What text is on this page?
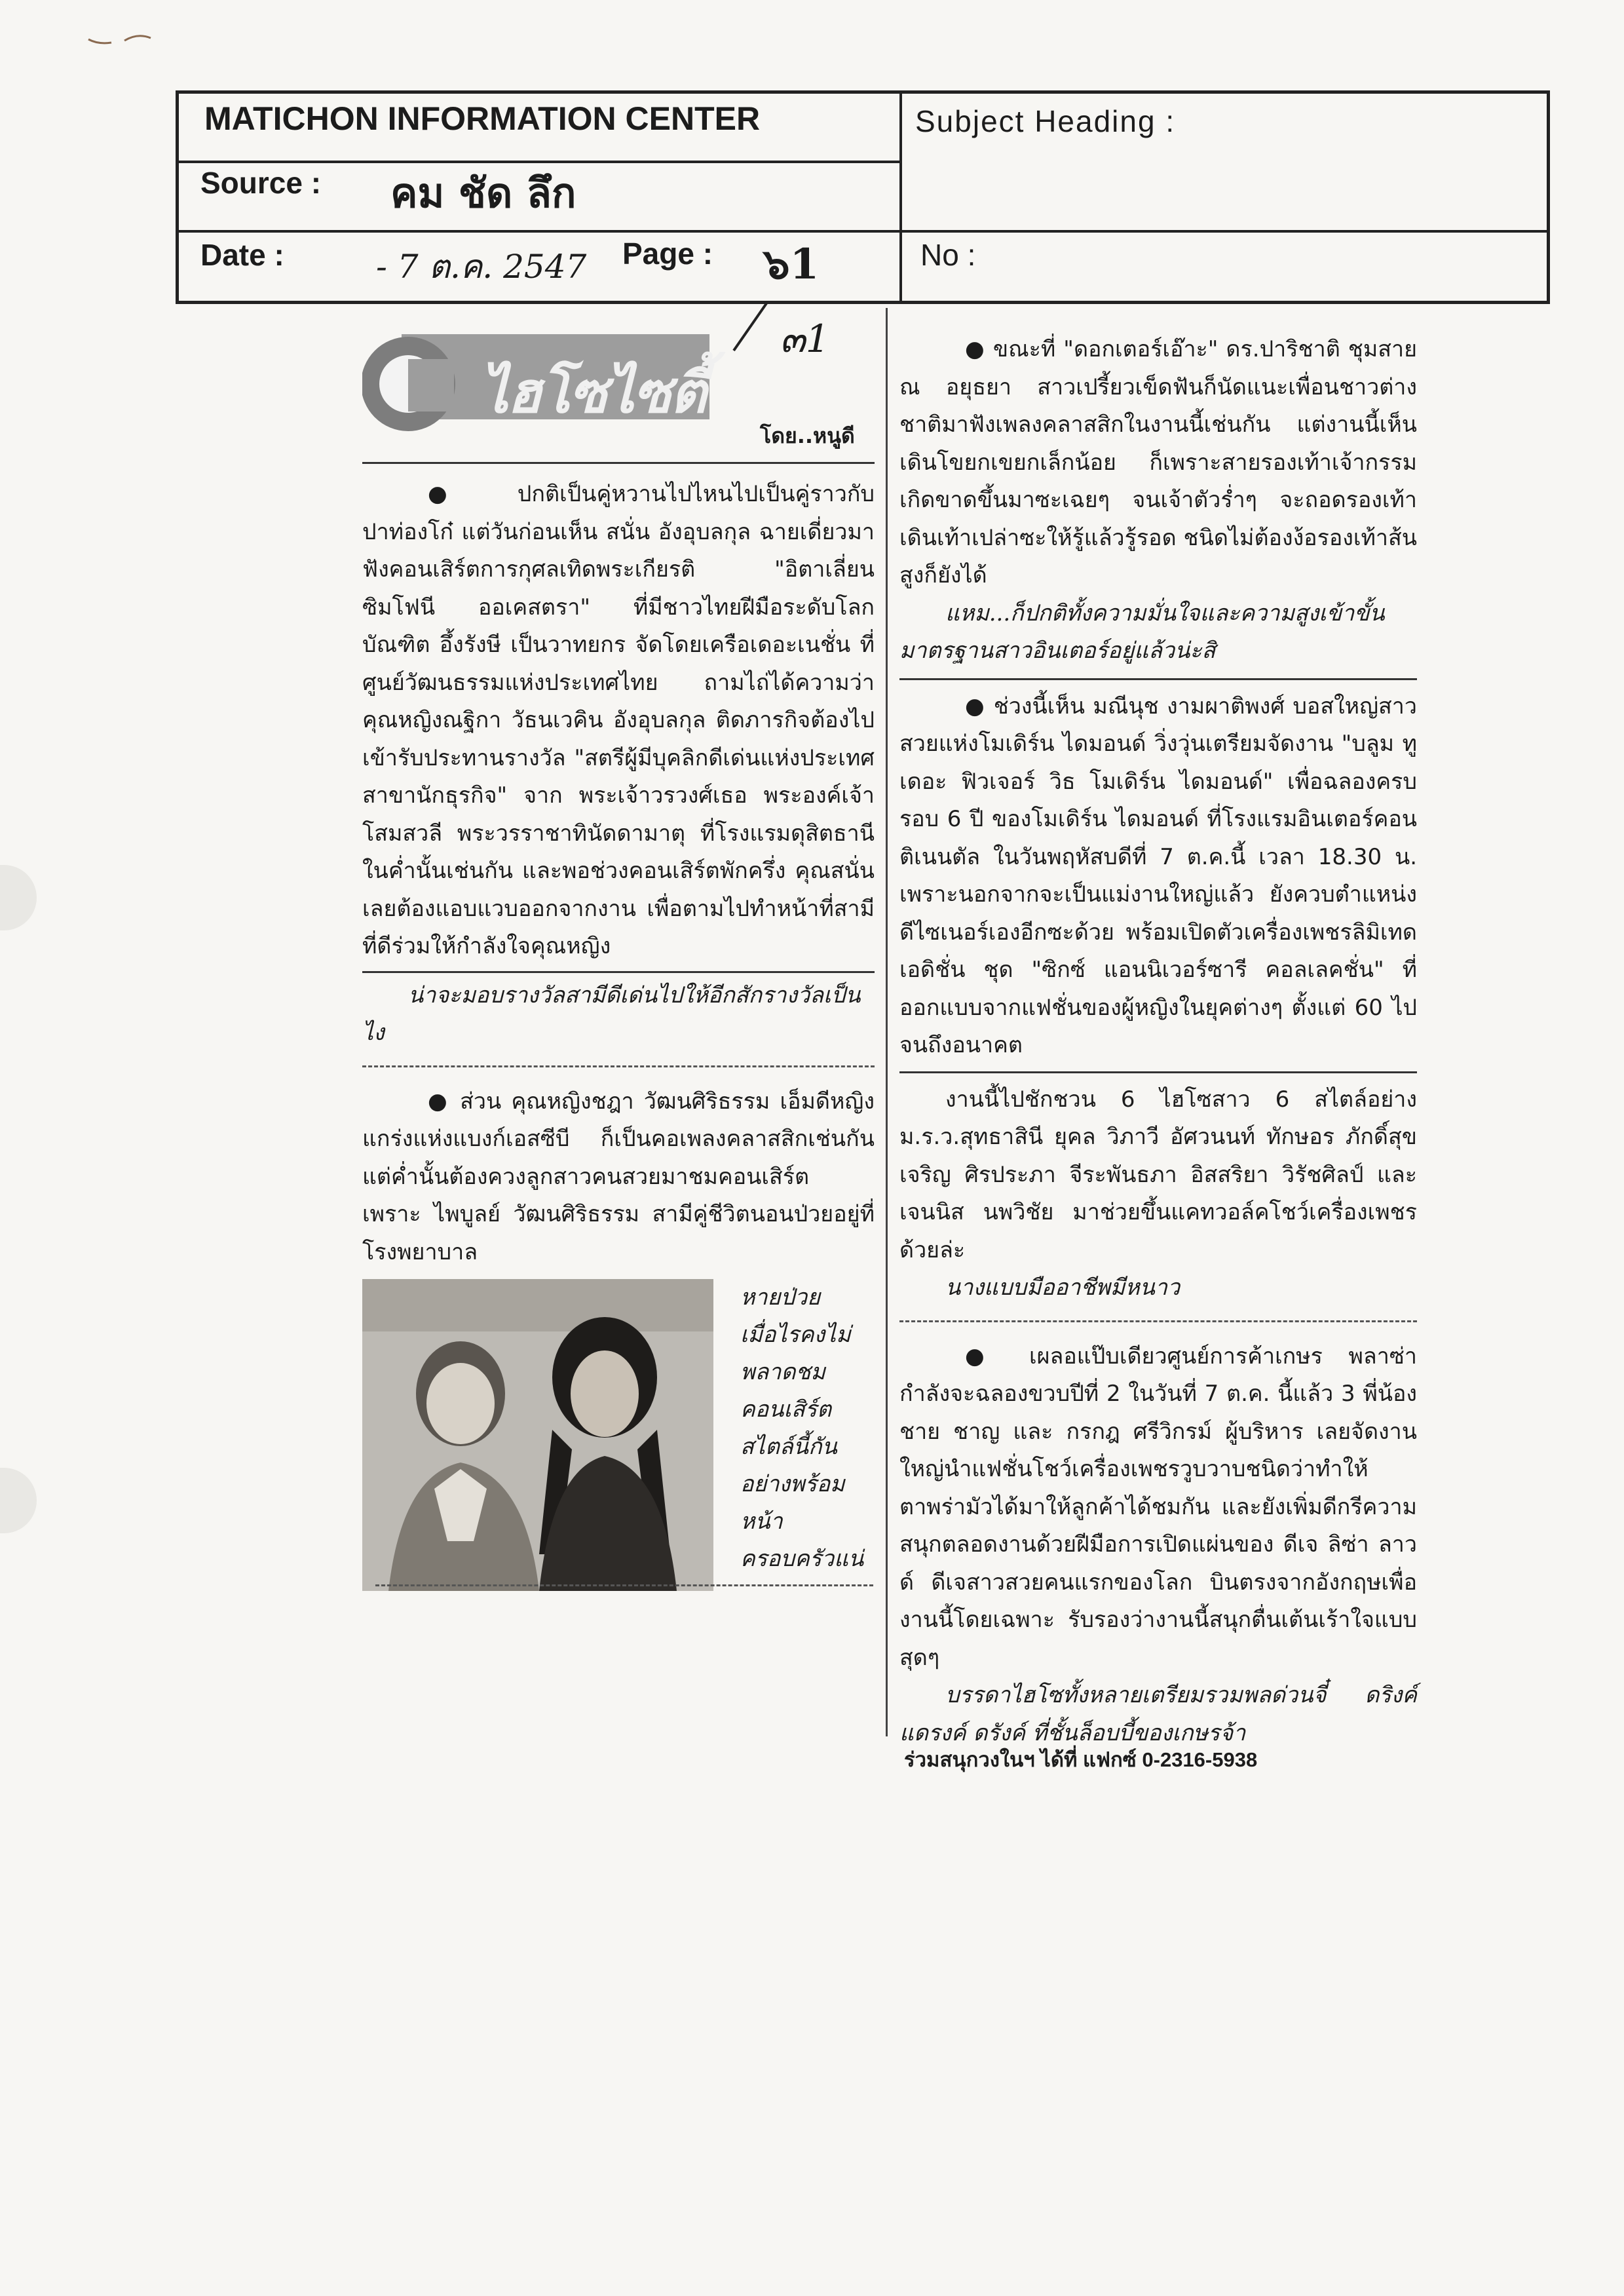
MATICHON INFORMATION CENTER	Subject Heading :
Source : คม ชัด ลึก
Date :	- 7 ต.ค. 2547 Page : ๖1	No :
๓1
ไฮโซไซตี้
โดย..หนูดี

● ปกติเป็นคู่หวานไปไหนไปเป็นคู่ราวกับปาท่องโก๋ แต่วันก่อนเห็น สนั่น อังอุบลกุล ฉายเดี่ยวมาฟังคอนเสิร์ตการกุศลเทิดพระเกียรติ "อิตาเลี่ยน ซิมโฟนี ออเคสตรา" ที่มีชาวไทยฝีมือระดับโลก บัณฑิต อึ้งรังษี เป็นวาทยกร จัดโดยเครือเดอะเนชั่น ที่ศูนย์วัฒนธรรมแห่งประเทศไทย ถามไถ่ได้ความว่า คุณหญิงณฐิกา วัธนเวคิน อังอุบลกุล ติดภารกิจต้องไปเข้ารับประทานรางวัล "สตรีผู้มีบุคลิกดีเด่นแห่งประเทศ สาขานักธุรกิจ" จาก พระเจ้าวรวงศ์เธอ พระองค์เจ้าโสมสวลี พระวรราชาทินัดดามาตุ ที่โรงแรมดุสิตธานี ในค่ำนั้นเช่นกัน และพอช่วงคอนเสิร์ตพักครึ่ง คุณสนั่นเลยต้องแอบแวบออกจากงาน เพื่อตามไปทำหน้าที่สามีที่ดีร่วมให้กำลังใจคุณหญิง

น่าจะมอบรางวัลสามีดีเด่นไปให้อีกสักรางวัลเป็นไง

● ส่วน คุณหญิงชฎา วัฒนศิริธรรม เอ็มดีหญิงแกร่งแห่งแบงก์เอสซีบี ก็เป็นคอเพลงคลาสสิกเช่นกัน แต่ค่ำนั้นต้องควงลูกสาวคนสวยมาชมคอนเสิร์ต เพราะ ไพบูลย์ วัฒนศิริธรรม สามีคู่ชีวิตนอนป่วยอยู่ที่โรงพยาบาล

หายป่วยเมื่อไรคงไม่พลาดชมคอนเสิร์ตสไตล์นี้กันอย่างพร้อมหน้าครอบครัวแน่

● ขณะที่ "ดอกเตอร์เอ๊าะ" ดร.ปาริชาติ ชุมสาย ณ อยุธยา สาวเปรี้ยวเข็ดฟันก็นัดแนะเพื่อนชาวต่างชาติมาฟังเพลงคลาสสิกในงานนี้เช่นกัน แต่งานนี้เห็นเดินโขยกเขยกเล็กน้อย ก็เพราะสายรองเท้าเจ้ากรรมเกิดขาดขึ้นมาซะเฉยๆ จนเจ้าตัวร่ำๆ จะถอดรองเท้าเดินเท้าเปล่าซะให้รู้แล้วรู้รอด ชนิดไม่ต้องง้อรองเท้าส้นสูงก็ยังได้

แหม...ก็ปกติทั้งความมั่นใจและความสูงเข้าขั้นมาตรฐานสาวอินเตอร์อยู่แล้วน่ะสิ

● ช่วงนี้เห็น มณีนุช งามผาติพงศ์ บอสใหญ่สาวสวยแห่งโมเดิร์น ไดมอนด์ วิ่งวุ่นเตรียมจัดงาน "บลูม ทู เดอะ ฟิวเจอร์ วิธ โมเดิร์น ไดมอนด์" เพื่อฉลองครบรอบ 6 ปี ของโมเดิร์น ไดมอนด์ ที่โรงแรมอินเตอร์คอนติเนนตัล ในวันพฤหัสบดีที่ 7 ต.ค.นี้ เวลา 18.30 น. เพราะนอกจากจะเป็นแม่งานใหญ่แล้ว ยังควบตำแหน่งดีไซเนอร์เองอีกซะด้วย พร้อมเปิดตัวเครื่องเพชรลิมิเทด เอดิชั่น ชุด "ซิกซ์ แอนนิเวอร์ซารี คอลเลคชั่น" ที่ออกแบบจากแฟชั่นของผู้หญิงในยุคต่างๆ ตั้งแต่ 60 ไปจนถึงอนาคต

งานนี้ไปชักชวน 6 ไฮโซสาว 6 สไตล์อย่าง ม.ร.ว.สุทธาสินี ยุคล วิภาวี อัศวนนท์ ทักษอร ภักดิ์สุขเจริญ ศิรประภา จีระพันธภา อิสสริยา วิรัชศิลป์ และ เจนนิส นพวิชัย มาช่วยขึ้นแคทวอล์คโชว์เครื่องเพชรด้วยล่ะ

นางแบบมืออาชีพมีหนาว

● เผลอแป๊บเดียวศูนย์การค้าเกษร พลาซ่า กำลังจะฉลองขวบปีที่ 2 ในวันที่ 7 ต.ค. นี้แล้ว 3 พี่น้อง ชาย ชาญ และ กรกฎ ศรีวิกรม์ ผู้บริหาร เลยจัดงานใหญ่นำแฟชั่นโชว์เครื่องเพชรวูบวาบชนิดว่าทำให้ตาพร่ามัวได้มาให้ลูกค้าได้ชมกัน และยังเพิ่มดีกรีความสนุกตลอดงานด้วยฝีมือการเปิดแผ่นของ ดีเจ ลิซ่า ลาวด์ ดีเจสาวสวยคนแรกของโลก บินตรงจากอังกฤษเพื่องานนี้โดยเฉพาะ รับรองว่างานนี้สนุกตื่นเต้นเร้าใจแบบสุดๆ

บรรดาไฮโซทั้งหลายเตรียมรวมพลด่วนจี๋ ดริงค์ แดรงค์ ดรังค์ ที่ชั้นล็อบบี้ของเกษรจ้า

ร่วมสนุกวงในฯ ได้ที่ แฟกซ์ 0-2316-5938
